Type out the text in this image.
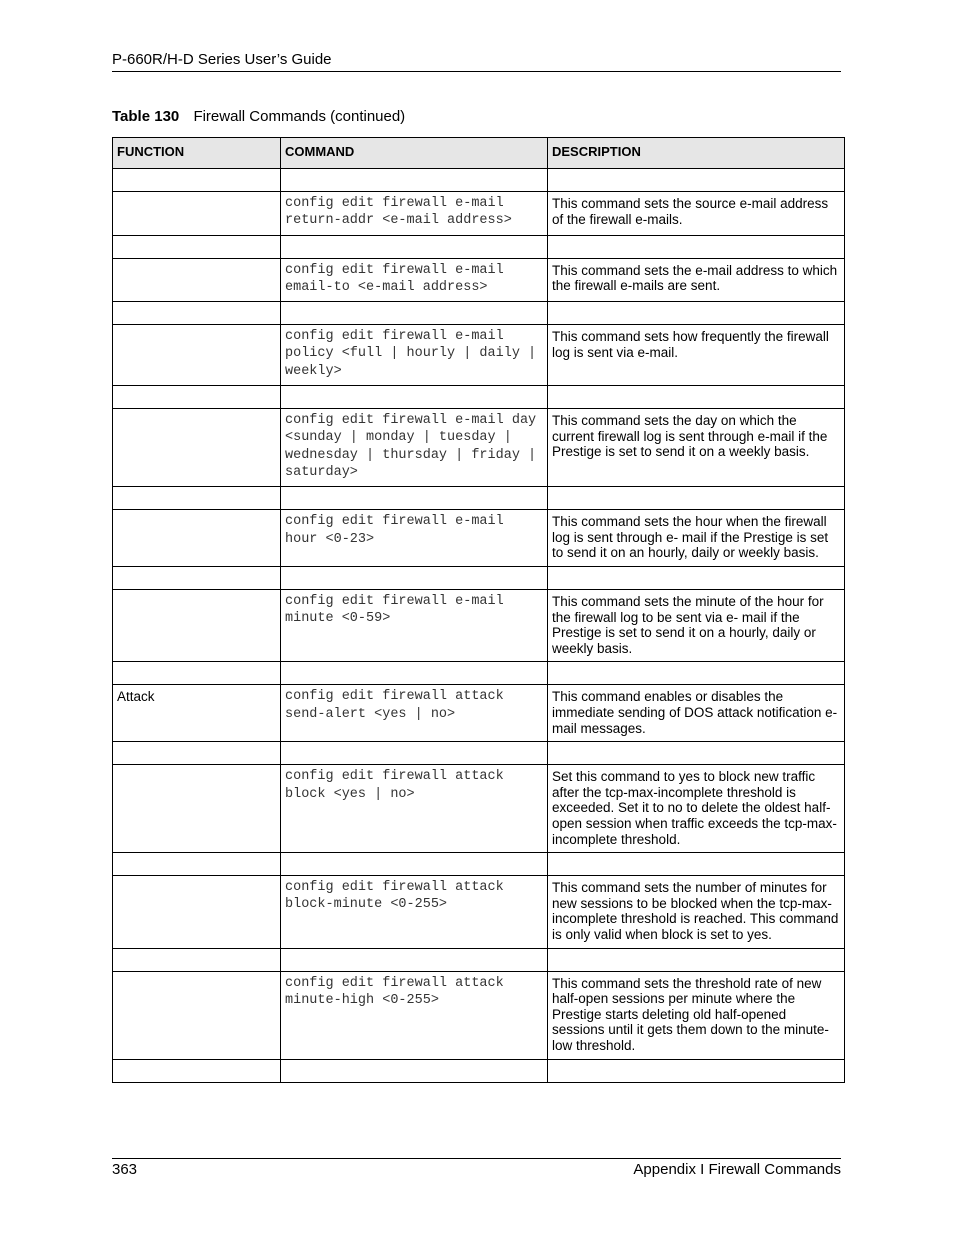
P-660R/H-D Series User’s Guide
Table 130 Firewall Commands (continued)
FUNCTION	COMMAND	DESCRIPTION

	config edit firewall e-mail return-addr <e-mail address>	This command sets the source e-mail address of the firewall e-mails.

	config edit firewall e-mail email-to <e-mail address>	This command sets the e-mail address to which the firewall e-mails are sent.

	config edit firewall e-mail policy <full | hourly | daily | weekly>	This command sets how frequently the firewall log is sent via e-mail.

	config edit firewall e-mail day <sunday | monday | tuesday | wednesday | thursday | friday | saturday>	This command sets the day on which the current firewall log is sent through e-mail if the Prestige is set to send it on a weekly basis.

	config edit firewall e-mail hour <0-23>	This command sets the hour when the firewall log is sent through e- mail if the Prestige is set to send it on an hourly, daily or weekly basis.

	config edit firewall e-mail minute <0-59>	This command sets the minute of the hour for the firewall log to be sent via e- mail if the Prestige is set to send it on a hourly, daily or weekly basis.

Attack	config edit firewall attack send-alert <yes | no>	This command enables or disables the immediate sending of DOS attack notification e-mail messages.

	config edit firewall attack block <yes | no>	Set this command to yes to block new traffic after the tcp-max-incomplete threshold is exceeded. Set it to no to delete the oldest half-open session when traffic exceeds the tcp-max-incomplete threshold.

	config edit firewall attack block-minute <0-255>	This command sets the number of minutes for new sessions to be blocked when the tcp-max-incomplete threshold is reached. This command is only valid when block is set to yes.

	config edit firewall attack minute-high <0-255>	This command sets the threshold rate of new half-open sessions per minute where the Prestige starts deleting old half-opened sessions until it gets them down to the minute-low threshold.

363	Appendix I Firewall Commands
